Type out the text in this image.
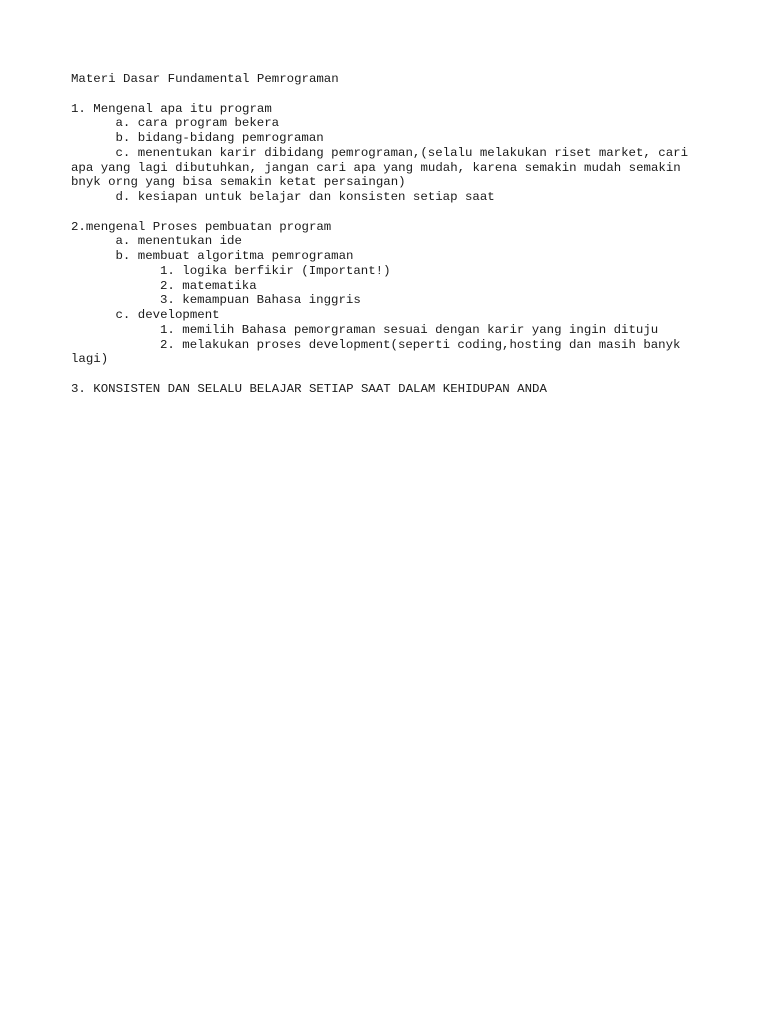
Materi Dasar Fundamental Pemrograman
1. Mengenal apa itu program
a. cara program bekera
b. bidang-bidang pemrograman
c. menentukan karir dibidang pemrograman,(selalu melakukan riset market, cari
apa yang lagi dibutuhkan, jangan cari apa yang mudah, karena semakin mudah semakin
bnyk orng yang bisa semakin ketat persaingan)
d. kesiapan untuk belajar dan konsisten setiap saat
2.mengenal Proses pembuatan program
a. menentukan ide
b. membuat algoritma pemrograman
1. logika berfikir (Important!)
2. matematika
3. kemampuan Bahasa inggris
c. development
1. memilih Bahasa pemorgraman sesuai dengan karir yang ingin dituju
2. melakukan proses development(seperti coding,hosting dan masih banyk
lagi)
3. KONSISTEN DAN SELALU BELAJAR SETIAP SAAT DALAM KEHIDUPAN ANDA
